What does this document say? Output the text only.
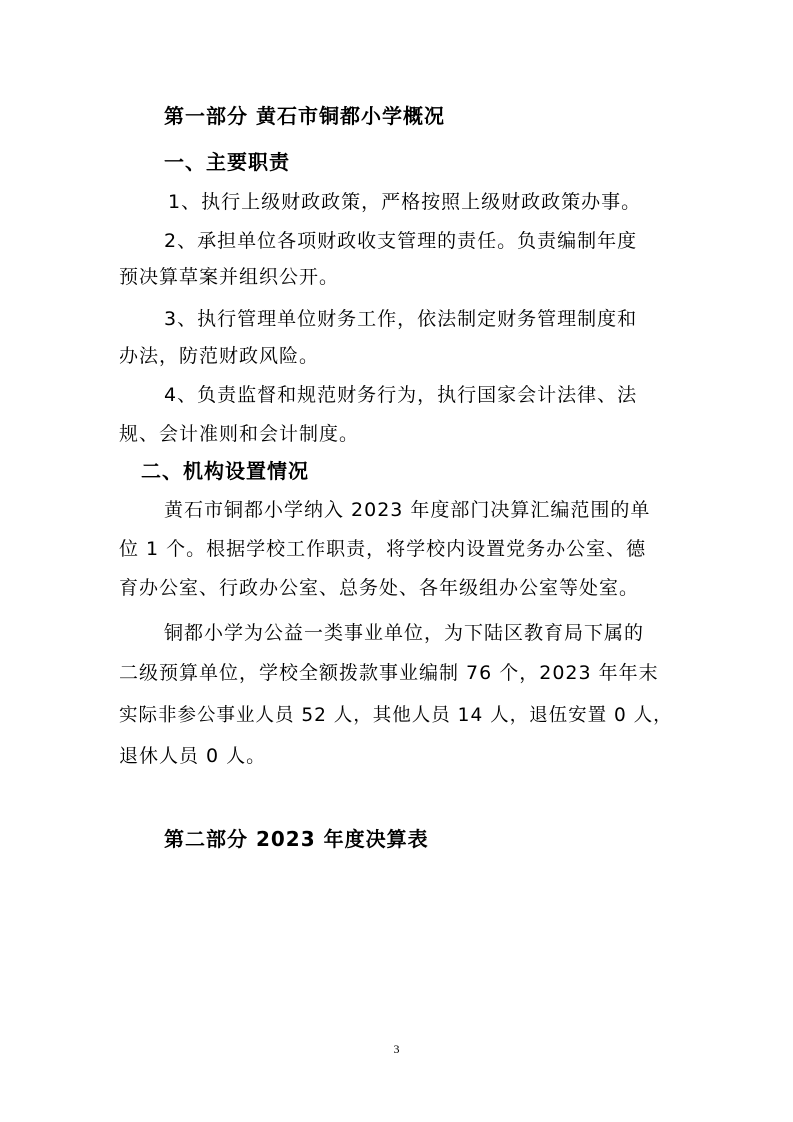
第一部分 黄石市铜都小学概况
一、主要职责
1、执行上级财政政策，严格按照上级财政政策办事。
2、承担单位各项财政收支管理的责任。负责编制年度
预决算草案并组织公开。
3、执行管理单位财务工作，依法制定财务管理制度和
办法，防范财政风险。
4、负责监督和规范财务行为，执行国家会计法律、法
规、会计准则和会计制度。
二、机构设置情况
黄石市铜都小学纳入 2023 年度部门决算汇编范围的单
位 1 个。根据学校工作职责，将学校内设置党务办公室、德
育办公室、行政办公室、总务处、各年级组办公室等处室。
铜都小学为公益一类事业单位，为下陆区教育局下属的
二级预算单位，学校全额拨款事业编制 76 个，2023 年年末
实际非参公事业人员 52 人，其他人员 14 人，退伍安置 0 人，
退休人员 0 人。
第二部分 2023 年度决算表
3
